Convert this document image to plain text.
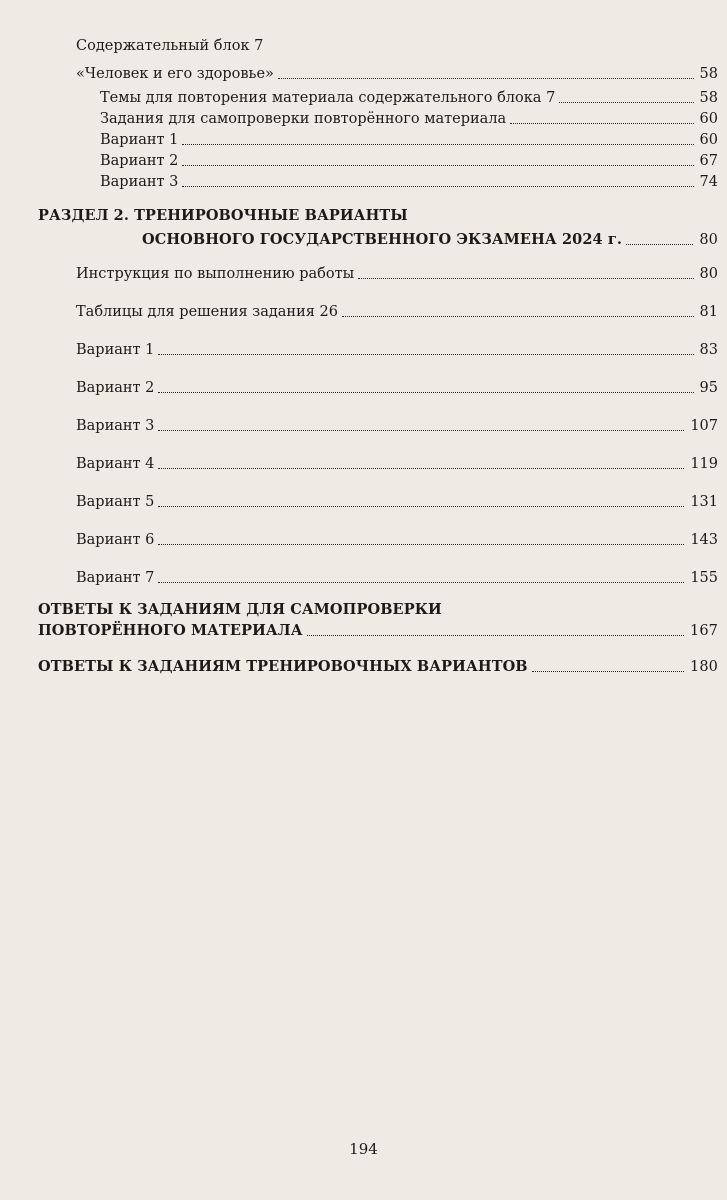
Содержательный блок 7
«Человек и его здоровье»	58
Темы для повторения материала содержательного блока 7	58
Задания для самопроверки повторённого материала	60
Вариант 1	60
Вариант 2	67
Вариант 3	74
РАЗДЕЛ 2. ТРЕНИРОВОЧНЫЕ ВАРИАНТЫ
ОСНОВНОГО ГОСУДАРСТВЕННОГО ЭКЗАМЕНА 2024 г.	80
Инструкция по выполнению работы	80
Таблицы для решения задания 26	81
Вариант 1	83
Вариант 2	95
Вариант 3	107
Вариант 4	119
Вариант 5	131
Вариант 6	143
Вариант 7	155
ОТВЕТЫ К ЗАДАНИЯМ ДЛЯ САМОПРОВЕРКИ
ПОВТОРЁННОГО МАТЕРИАЛА	167
ОТВЕТЫ К ЗАДАНИЯМ ТРЕНИРОВОЧНЫХ ВАРИАНТОВ	180
194
